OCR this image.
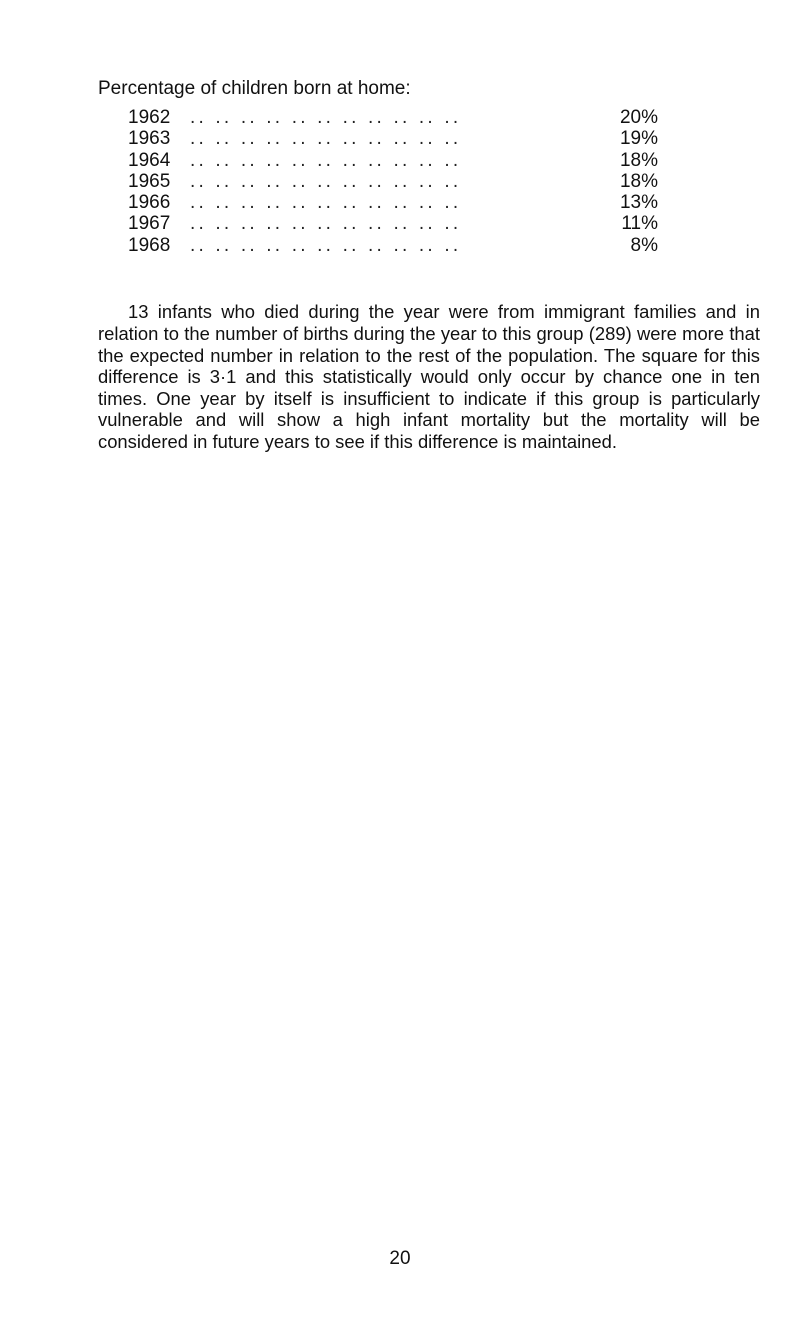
Percentage of children born at home:
1962	.. .. .. .. .. .. .. .. .. .. ..	20%
1963	.. .. .. .. .. .. .. .. .. .. ..	19%
1964	.. .. .. .. .. .. .. .. .. .. ..	18%
1965	.. .. .. .. .. .. .. .. .. .. ..	18%
1966	.. .. .. .. .. .. .. .. .. .. ..	13%
1967	.. .. .. .. .. .. .. .. .. .. ..	11%
1968	.. .. .. .. .. .. .. .. .. .. ..	8%

13 infants who died during the year were from immigrant families and in relation to the number of births during the year to this group (289) were more that the expected number in relation to the rest of the population. The square for this difference is 3·1 and this statistically would only occur by chance one in ten times. One year by itself is insufficient to indicate if this group is particularly vulnerable and will show a high infant mortality but the mortality will be considered in future years to see if this difference is maintained.

20
